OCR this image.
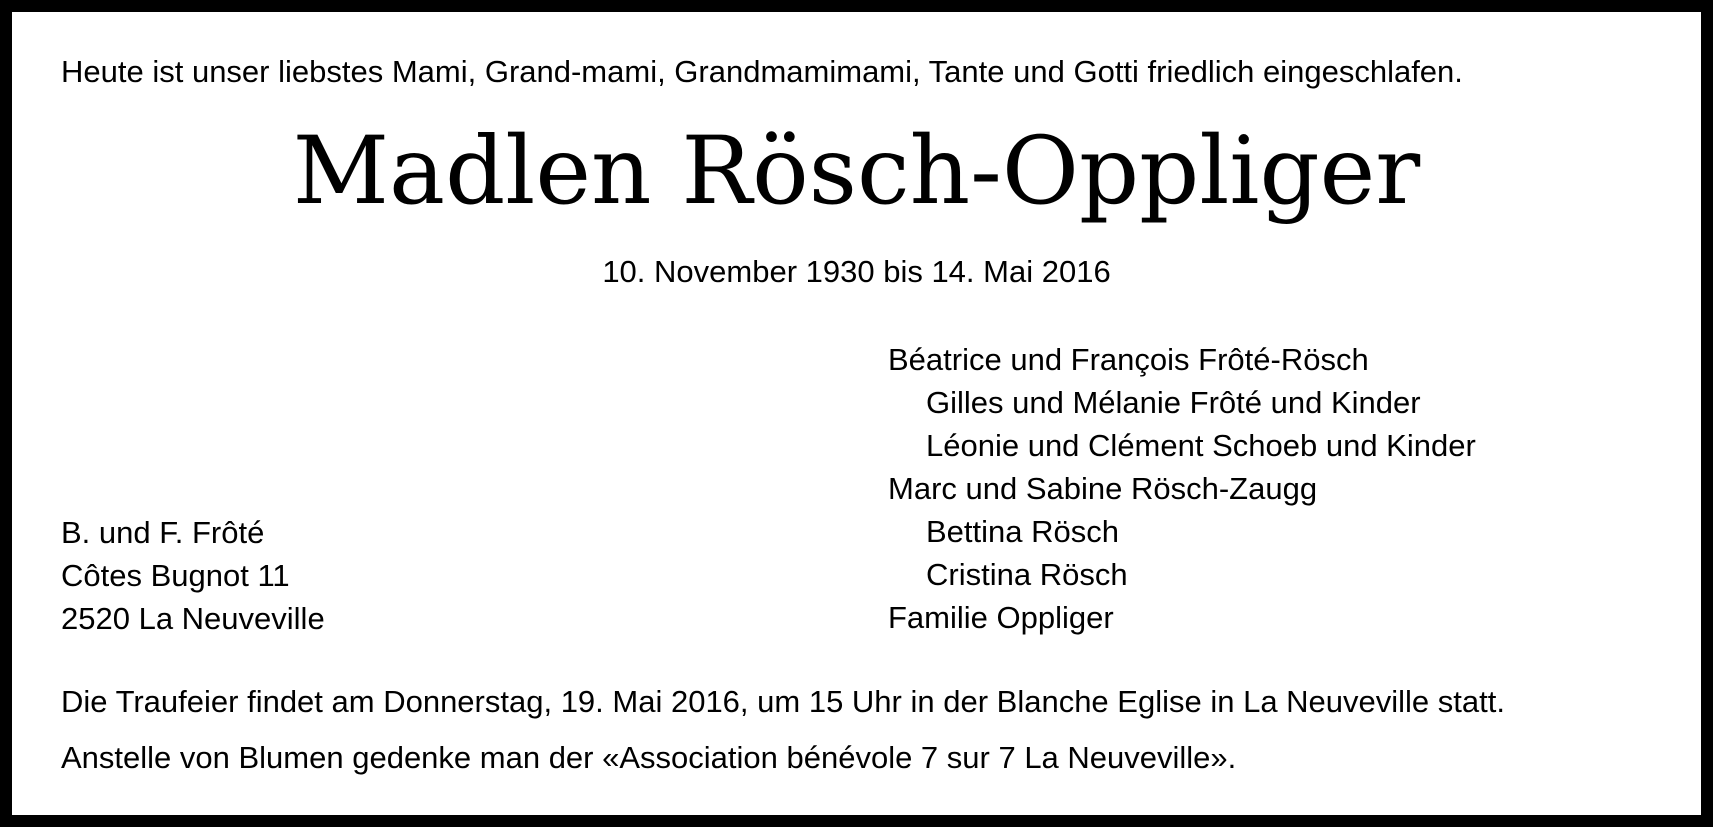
Heute ist unser liebstes Mami, Grand-mami, Grandmamimami, Tante und Gotti friedlich eingeschlafen.
Madlen Rösch-Oppliger
10. November 1930 bis 14. Mai 2016
Béatrice und François Frôté-Rösch
Gilles und Mélanie Frôté und Kinder
Léonie und Clément Schoeb und Kinder
Marc und Sabine Rösch-Zaugg
Bettina Rösch
Cristina Rösch
Familie Oppliger
B. und F. Frôté
Côtes Bugnot 11
2520 La Neuveville
Die Traufeier findet am Donnerstag, 19. Mai 2016, um 15 Uhr in der Blanche Eglise in La Neuveville statt.
Anstelle von Blumen gedenke man der «Association bénévole 7 sur 7 La Neuveville».
